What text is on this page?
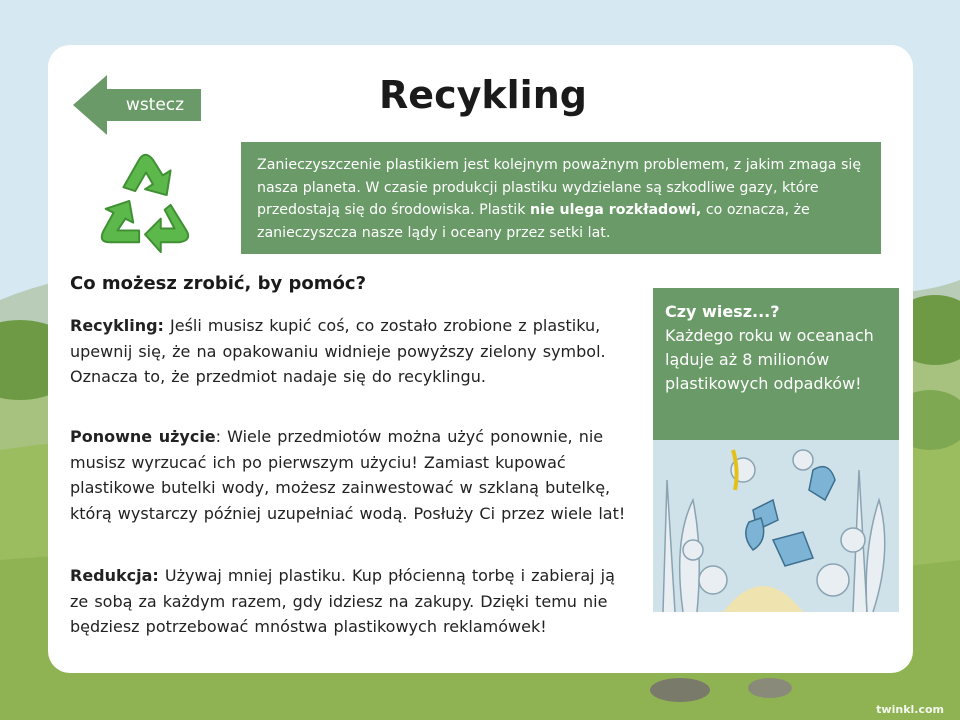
wstecz	Recykling
Zanieczyszczenie plastikiem jest kolejnym poważnym problemem, z jakim zmaga się nasza planeta. W czasie produkcji plastiku wydzielane są szkodliwe gazy, które przedostają się do środowiska. Plastik nie ulega rozkładowi, co oznacza, że zanieczyszcza nasze lądy i oceany przez setki lat.
Co możesz zrobić, by pomóc?

Recykling: Jeśli musisz kupić coś, co zostało zrobione z plastiku, upewnij się, że na opakowaniu widnieje powyższy zielony symbol. Oznacza to, że przedmiot nadaje się do recyklingu.

Ponowne użycie: Wiele przedmiotów można użyć ponownie, nie musisz wyrzucać ich po pierwszym użyciu! Zamiast kupować plastikowe butelki wody, możesz zainwestować w szklaną butelkę, którą wystarczy później uzupełniać wodą. Posłuży Ci przez wiele lat!

Redukcja: Używaj mniej plastiku. Kup płócienną torbę i zabieraj ją ze sobą za każdym razem, gdy idziesz na zakupy. Dzięki temu nie będziesz potrzebować mnóstwa plastikowych reklamówek!

Czy wiesz...?
Każdego roku w oceanach ląduje aż 8 milionów plastikowych odpadków!
twinkl.com
